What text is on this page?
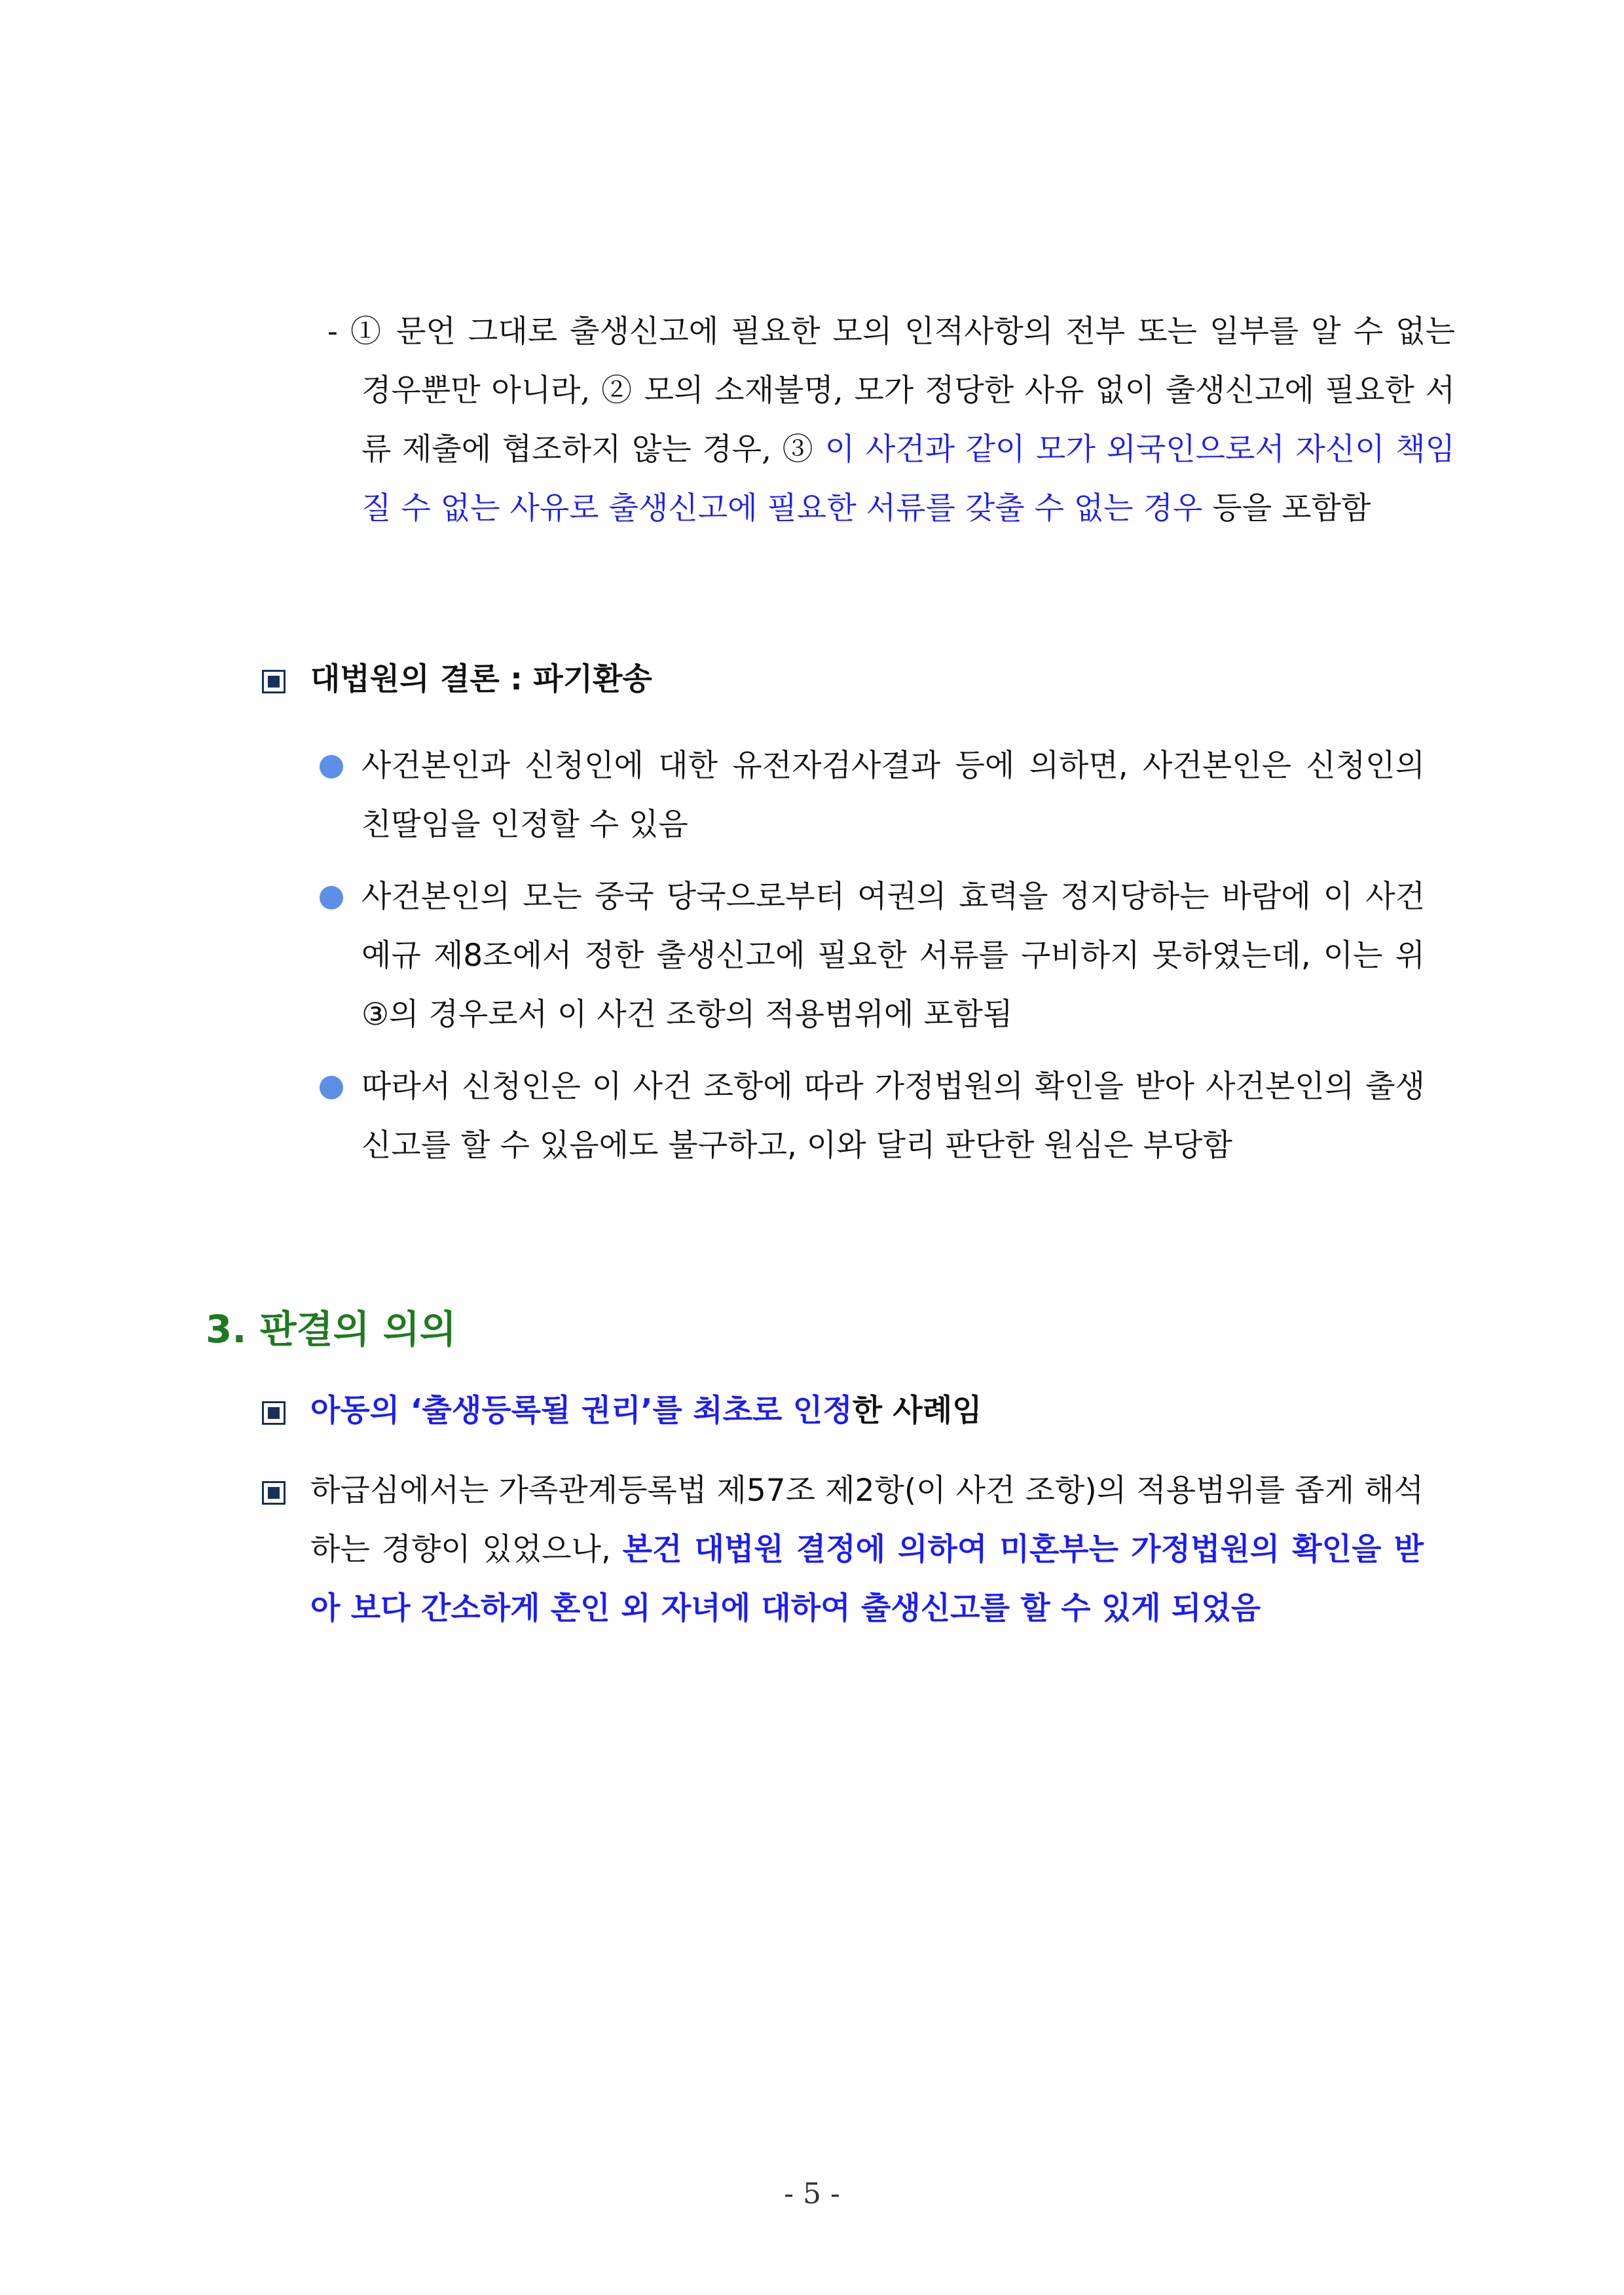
- ① 문언 그대로 출생신고에 필요한 모의 인적사항의 전부 또는 일부를 알 수 없는 경우뿐만 아니라, ② 모의 소재불명, 모가 정당한 사유 없이 출생신고에 필요한 서류 제출에 협조하지 않는 경우, ③ 이 사건과 같이 모가 외국인으로서 자신이 책임질 수 없는 사유로 출생신고에 필요한 서류를 갖출 수 없는 경우 등을 포함함
대법원의 결론 : 파기환송
사건본인과 신청인에 대한 유전자검사결과 등에 의하면, 사건본인은 신청인의 친딸임을 인정할 수 있음
사건본인의 모는 중국 당국으로부터 여권의 효력을 정지당하는 바람에 이 사건 예규 제8조에서 정한 출생신고에 필요한 서류를 구비하지 못하였는데, 이는 위 ③의 경우로서 이 사건 조항의 적용범위에 포함됨
따라서 신청인은 이 사건 조항에 따라 가정법원의 확인을 받아 사건본인의 출생신고를 할 수 있음에도 불구하고, 이와 달리 판단한 원심은 부당함
3. 판결의 의의
아동의 ‘출생등록될 권리’를 최초로 인정한 사례임
하급심에서는 가족관계등록법 제57조 제2항(이 사건 조항)의 적용범위를 좁게 해석하는 경향이 있었으나, 본건 대법원 결정에 의하여 미혼부는 가정법원의 확인을 받아 보다 간소하게 혼인 외 자녀에 대하여 출생신고를 할 수 있게 되었음
- 5 -
